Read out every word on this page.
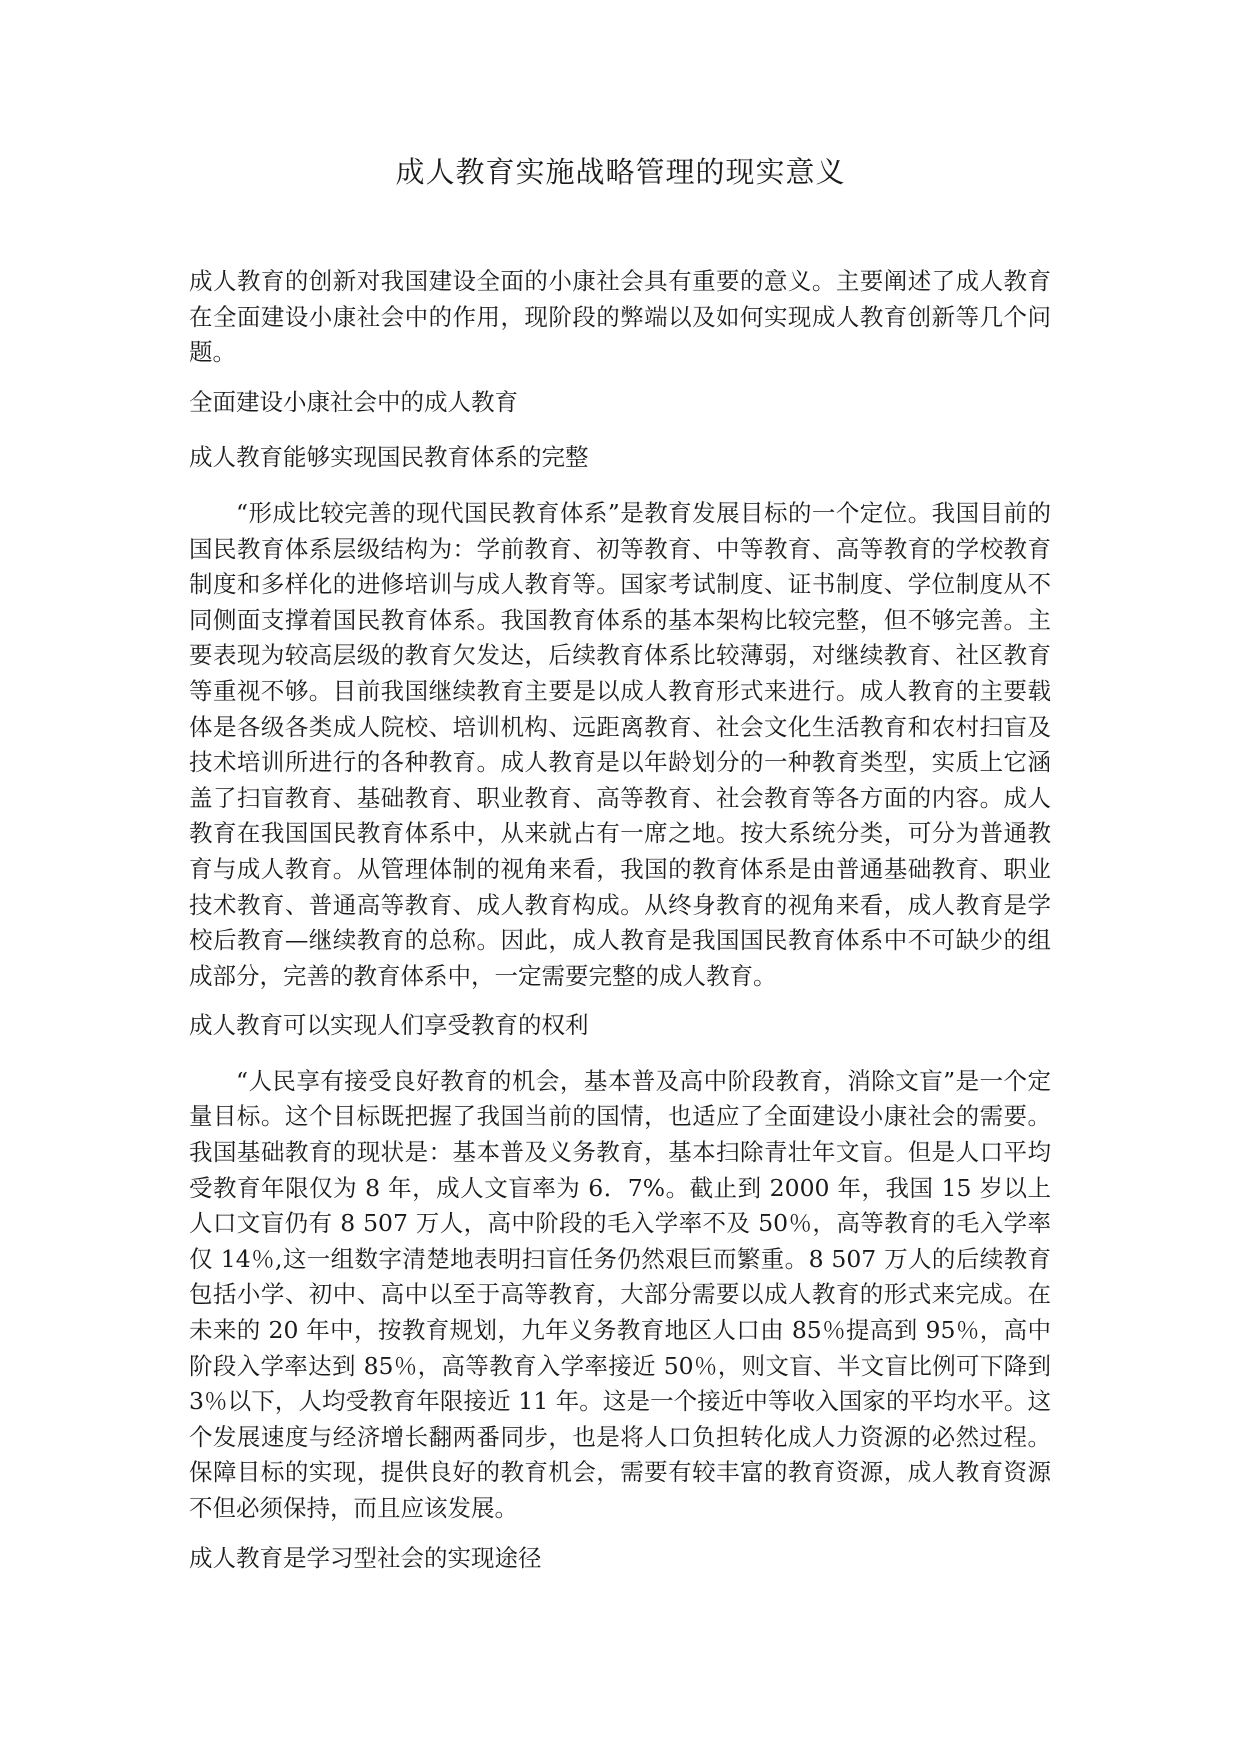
成人教育实施战略管理的现实意义

成人教育的创新对我国建设全面的小康社会具有重要的意义。主要阐述了成人教育在全面建设小康社会中的作用，现阶段的弊端以及如何实现成人教育创新等几个问题。

全面建设小康社会中的成人教育

成人教育能够实现国民教育体系的完整

“形成比较完善的现代国民教育体系”是教育发展目标的一个定位。我国目前的国民教育体系层级结构为：学前教育、初等教育、中等教育、高等教育的学校教育制度和多样化的进修培训与成人教育等。国家考试制度、证书制度、学位制度从不同侧面支撑着国民教育体系。我国教育体系的基本架构比较完整，但不够完善。主要表现为较高层级的教育欠发达，后续教育体系比较薄弱，对继续教育、社区教育等重视不够。目前我国继续教育主要是以成人教育形式来进行。成人教育的主要载体是各级各类成人院校、培训机构、远距离教育、社会文化生活教育和农村扫盲及技术培训所进行的各种教育。成人教育是以年龄划分的一种教育类型，实质上它涵盖了扫盲教育、基础教育、职业教育、高等教育、社会教育等各方面的内容。成人教育在我国国民教育体系中，从来就占有一席之地。按大系统分类，可分为普通教育与成人教育。从管理体制的视角来看，我国的教育体系是由普通基础教育、职业技术教育、普通高等教育、成人教育构成。从终身教育的视角来看，成人教育是学校后教育—继续教育的总称。因此，成人教育是我国国民教育体系中不可缺少的组成部分，完善的教育体系中，一定需要完整的成人教育。

成人教育可以实现人们享受教育的权利

“人民享有接受良好教育的机会，基本普及高中阶段教育，消除文盲”是一个定量目标。这个目标既把握了我国当前的国情，也适应了全面建设小康社会的需要。我国基础教育的现状是：基本普及义务教育，基本扫除青壮年文盲。但是人口平均受教育年限仅为 8 年，成人文盲率为 6．7%。截止到 2000 年，我国 15 岁以上人口文盲仍有 8 507 万人，高中阶段的毛入学率不及 50％，高等教育的毛入学率仅 14％,这一组数字清楚地表明扫盲任务仍然艰巨而繁重。8 507 万人的后续教育包括小学、初中、高中以至于高等教育，大部分需要以成人教育的形式来完成。在未来的 20 年中，按教育规划，九年义务教育地区人口由 85％提高到 95％，高中阶段入学率达到 85％，高等教育入学率接近 50％，则文盲、半文盲比例可下降到 3％以下，人均受教育年限接近 11 年。这是一个接近中等收入国家的平均水平。这个发展速度与经济增长翻两番同步，也是将人口负担转化成人力资源的必然过程。保障目标的实现，提供良好的教育机会，需要有较丰富的教育资源，成人教育资源不但必须保持，而且应该发展。

成人教育是学习型社会的实现途径
